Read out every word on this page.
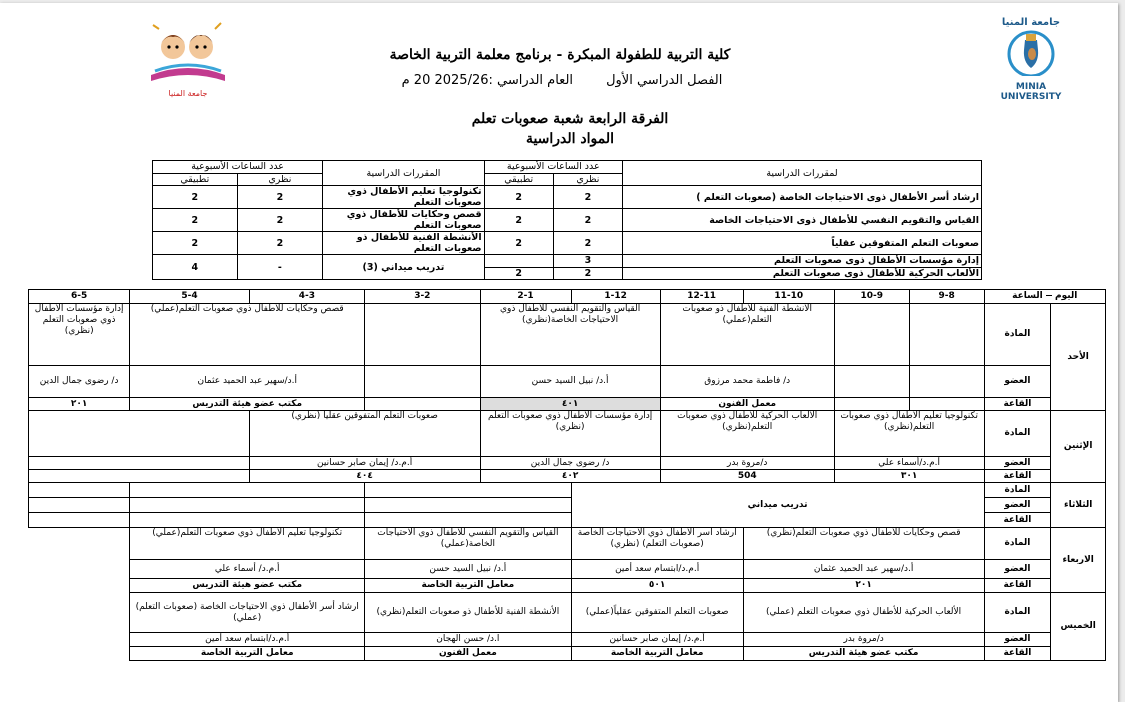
جامعة المنيا
MINIA UNIVERSITY
جامعة المنيا
كلية التربية للطفولة المبكرة - برنامج معلمة التربية الخاصة
الفصل الدراسي الأول        العام الدراسي :2025/26 20 م
الفرقة الرابعة شعبة صعوبات تعلم
المواد الدراسية
لمقررات الدراسية	عدد الساعات الأسبوعية		المقررات الدراسية	عدد الساعات الأسبوعية	
	نظري	تطبيقي		نظري	تطبيقي
ارشاد أسر الأطفال ذوى الاحتياجات الخاصة (صعوبات التعلم )	2	2	تكنولوجيا تعليم الأطفال ذوي صعوبات التعلم	2	2
القياس والتقويم النفسي للأطفال ذوى الاحتياجات الخاصة	2	2	قصص وحكايات للأطفال ذوي صعوبات التعلم	2	2
صعوبات التعلم المتفوقين عقلياً	2	2	الأنشطة الفنية للأطفال ذو صعوبات التعلم	2	2
إدارة مؤسسات الأطفال ذوى صعوبات التعلم	3		تدريب ميداني (3)	-	4
الألعاب الحركية للأطفال ذوى صعوبات التعلم	2	2			
اليوم  الساعة		9-8	10-9	11-10	12-11	1-12	2-1	3-2	4-3	5-4	6-5
الأحد	المادة			الأنشطة الفنية للأطفال ذو صعوبات التعلم(عملي)		القياس والتقويم النفسي للأطفال ذوي الاحتياجات الخاصة(نظري)			قصص وحكايات للأطفال ذوي صعوبات التعلم(عملي)		إدارة مؤسسات الأطفال ذوي صعوبات التعلم (نظري)
	العضو			د/ فاطمة محمد مرزوق		أ.د/ نبيل السيد حسن			أ.د/سهير عبد الحميد عثمان		د/ رضوى جمال الدين
	القاعة			معمل الفنون		٤٠١			مكتب عضو هيئة التدريس		٢٠١
الإثنين	المادة	تكنولوجيا تعليم الأطفال ذوي صعوبات التعلم(نظري)		الألعاب الحركية للأطفال ذوي صعوبات التعلم(نظري)		إدارة مؤسسات الأطفال ذوي صعوبات التعلم (نظري)		صعوبات التعلم المتفوقين عقلياً (نظري)			
	العضو	أ.م.د/أسماء علي		د/مروة بدر		د/ رضوى جمال الدين		أ.م.د/ إيمان صابر حسانين			
	القاعة	٣٠١		504		٤٠٢		٤٠٤			
الثلاثاء	المادة	تدريب ميداني									
	العضو										
	القاعة										
الاربعاء	المادة	قصص وحكايات للأطفال ذوي صعوبات التعلم(نظري)			ارشاد أسر الأطفال ذوي الاحتياجات الخاصة (صعوبات التعلم) (نظري)		القياس والتقويم النفسي للأطفال ذوي الاحتياجات الخاصة(عملي)		تكنولوجيا تعليم الأطفال ذوي صعوبات التعلم(عملي)		
	العضو	أ.د/سهير عبد الحميد عثمان			أ.م.د/ابتسام سعد أمين		أ.د/ نبيل السيد حسن		أ.م.د/ أسماء علي		
	القاعة	٢٠١			٥٠١		معامل التربية الخاصة		مكتب عضو هيئة التدريس		
الخميس	المادة	الألعاب الحركية للأطفال ذوي صعوبات التعلم (عملي)			صعوبات التعلم المتفوقين عقلياً(عملي)		الأنشطة الفنية للأطفال ذو صعوبات التعلم(نظري)		ارشاد أسر الأطفال ذوي الاحتياجات الخاصة (صعوبات التعلم) (عملي)		
	العضو	د/مروة بدر			أ.م.د/ إيمان صابر حسانين		ا.د/ حسن الهجان		أ.م.د/ابتسام سعد أمين		
	القاعة	مكتب عضو هيئة التدريس			معامل التربية الخاصة		معمل الفنون		معامل التربية الخاصة		
